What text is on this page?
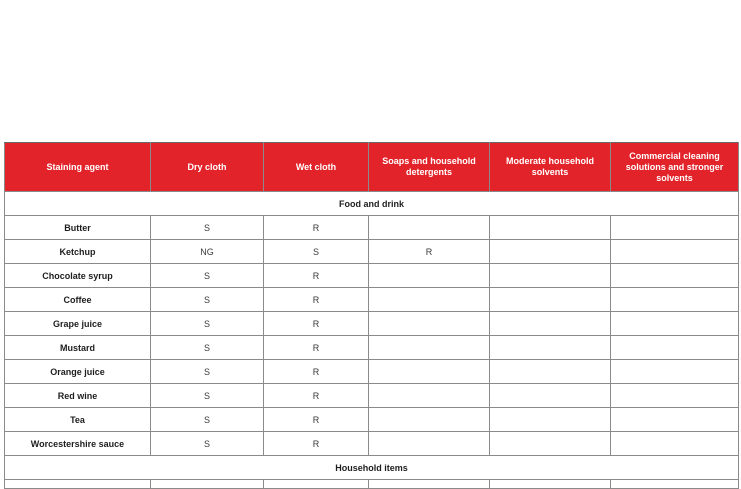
Staining agent	Dry cloth	Wet cloth	Soaps and household detergents	Moderate household solvents	Commercial cleaning solutions and stronger solvents
Food and drink					
Butter	S	R			
Ketchup	NG	S	R		
Chocolate syrup	S	R			
Coffee	S	R			
Grape juice	S	R			
Mustard	S	R			
Orange juice	S	R			
Red wine	S	R			
Tea	S	R			
Worcestershire sauce	S	R			
Household items					
